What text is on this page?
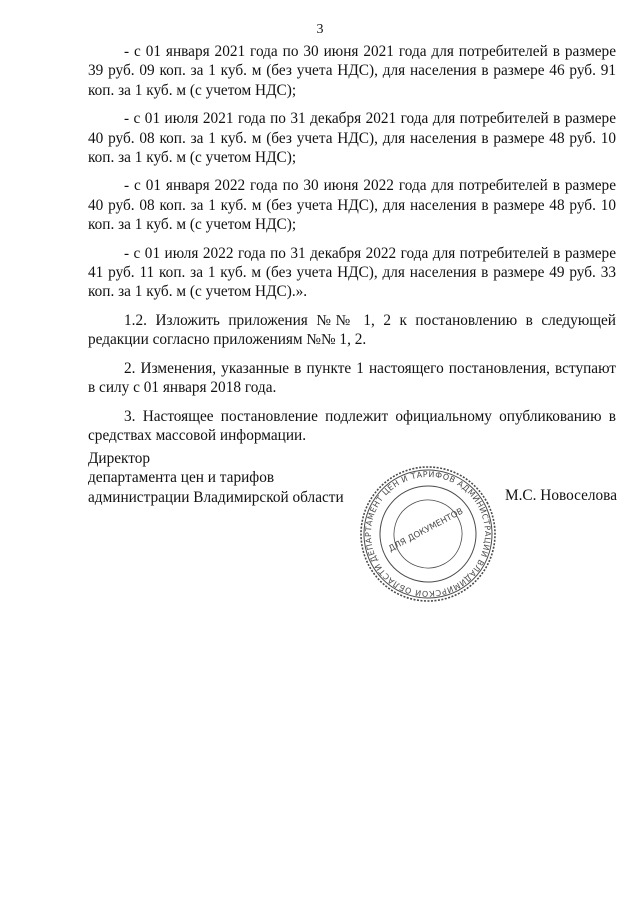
3

- с 01 января 2021 года по 30 июня 2021 года для потребителей в размере 39 руб. 09 коп. за 1 куб. м (без учета НДС), для населения в размере 46 руб. 91 коп. за 1 куб. м (с учетом НДС);

- с 01 июля 2021 года по 31 декабря 2021 года для потребителей в размере 40 руб. 08 коп. за 1 куб. м (без учета НДС), для населения в размере 48 руб. 10 коп. за 1 куб. м (с учетом НДС);

- с 01 января 2022 года по 30 июня 2022 года для потребителей в размере 40 руб. 08 коп. за 1 куб. м (без учета НДС), для населения в размере 48 руб. 10 коп. за 1 куб. м (с учетом НДС);

- с 01 июля 2022 года по 31 декабря 2022 года для потребителей в размере 41 руб. 11 коп. за 1 куб. м (без учета НДС), для населения в размере 49 руб. 33 коп. за 1 куб. м (с учетом НДС).».

1.2. Изложить приложения №№ 1, 2 к постановлению в следующей редакции согласно приложениям №№ 1, 2.

2. Изменения, указанные в пункте 1 настоящего постановления, вступают в силу с 01 января 2018 года.

3. Настоящее постановление подлежит официальному опубликованию в средствах массовой информации.

Директор
департамента цен и тарифов
администрации Владимирской области
ДЕПАРТАМЕНТ ЦЕН И ТАРИФОВ АДМИНИСТРАЦИИ ВЛАДИМИРСКОЙ ОБЛАСТИ
ДЛЯ ДОКУМЕНТОВ
М.С. Новоселова
